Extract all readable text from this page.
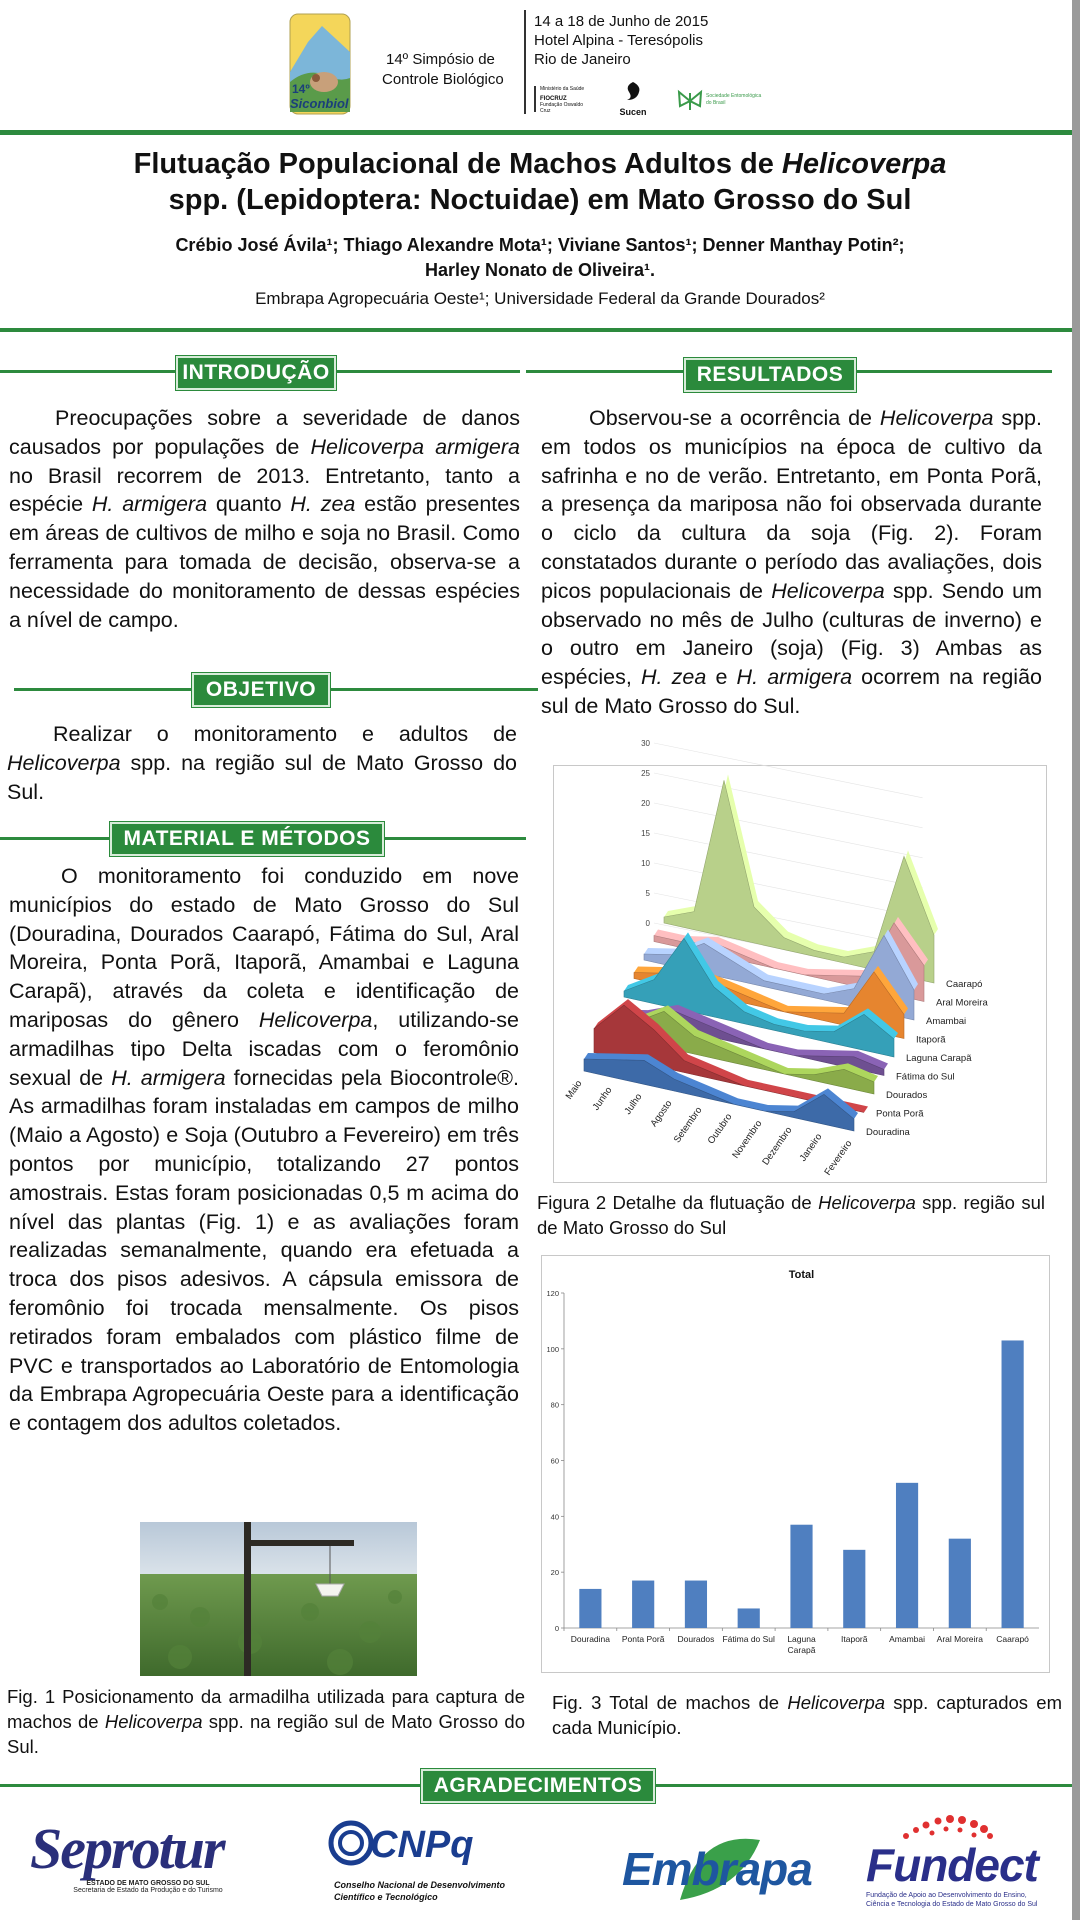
14º
Siconbiol
14º Simpósio de
Controle Biológico
14 a 18 de Junho de 2015
Hotel Alpina - Teresópolis
Rio de Janeiro
Ministério da Saúde
FIOCRUZ
Fundação Oswaldo Cruz	Sucen
Sociedade Entomológica
do Brasil
Flutuação Populacional de Machos Adultos de Helicoverpa
spp. (Lepidoptera: Noctuidae) em Mato Grosso do Sul
Crébio José Ávila¹; Thiago Alexandre Mota¹; Viviane Santos¹; Denner Manthay Potin²;
Harley Nonato de Oliveira¹.
Embrapa Agropecuária Oeste¹; Universidade Federal da Grande Dourados²
INTRODUÇÃO
Preocupações sobre a severidade de danos causados por populações de Helicoverpa armigera no Brasil recorrem de 2013. Entretanto, tanto a espécie H. armigera quanto H. zea estão presentes em áreas de cultivos de milho e soja no Brasil. Como ferramenta para tomada de decisão, observa-se a necessidade do monitoramento de dessas espécies a nível de campo.
OBJETIVO
Realizar o monitoramento e adultos de Helicoverpa spp. na região sul de Mato Grosso do Sul.
MATERIAL E MÉTODOS
O monitoramento foi conduzido em nove municípios do estado de Mato Grosso do Sul (Douradina, Dourados Caarapó, Fátima do Sul, Aral Moreira, Ponta Porã, Itaporã, Amambai e Laguna Carapã), através da coleta e identificação de mariposas do gênero Helicoverpa, utilizando-se armadilhas tipo Delta iscadas com o feromônio sexual de H. armigera fornecidas pela Biocontrole®. As armadilhas foram instaladas em campos de milho (Maio a Agosto) e Soja (Outubro a Fevereiro) em três pontos por município, totalizando 27 pontos amostrais. Estas foram posicionadas 0,5 m acima do nível das plantas (Fig. 1) e as avaliações foram realizadas semanalmente, quando era efetuada a troca dos pisos adesivos. A cápsula emissora de feromônio foi trocada mensalmente. Os pisos retirados foram embalados com plástico filme de PVC e transportados ao Laboratório de Entomologia da Embrapa Agropecuária Oeste para a identificação e contagem dos adultos coletados.
Fig. 1 Posicionamento da armadilha utilizada para captura de machos de Helicoverpa spp. na região sul de Mato Grosso do Sul.
RESULTADOS
Observou-se a ocorrência de Helicoverpa spp. em todos os municípios na época de cultivo da safrinha e no de verão. Entretanto, em Ponta Porã, a presença da mariposa não foi observada durante o ciclo da cultura da soja (Fig. 2). Foram constatados durante o período das avaliações, dois picos populacionais de Helicoverpa spp. Sendo um observado no mês de Julho (culturas de inverno) e o outro em Janeiro (soja) (Fig. 3) Ambas as espécies, H. zea e H. armigera ocorrem na região sul de Mato Grosso do Sul.
0
5
10
15
20
25
30
Caarapó
Aral Moreira
Amambai
Itaporã
Laguna Carapã
Fátima do Sul
Dourados
Ponta Porã
Douradina
Maio Junho Julho Agosto
Setembro Outubro
Novembro
Dezembro Janeiro
Fevereiro
Figura 2 Detalhe da flutuação de Helicoverpa spp. região sul de Mato Grosso do Sul
Total
0
20
40
60
80
100
120
Douradina Ponta Porã Dourados Fátima do Sul Laguna
Carapã
Itaporã	Amambai Aral Moreira Caarapó
Fig. 3 Total de machos de Helicoverpa spp. capturados em cada Município.
AGRADECIMENTOS
Seprotur
ESTADO DE MATO GROSSO DO SUL
Secretaria de Estado da Produção e do Turismo
CNPq
Conselho Nacional de Desenvolvimento
Científico e Tecnológico
Embrapa Fundect
Fundação de Apoio ao Desenvolvimento do Ensino,
Ciência e Tecnologia do Estado de Mato Grosso do Sul
